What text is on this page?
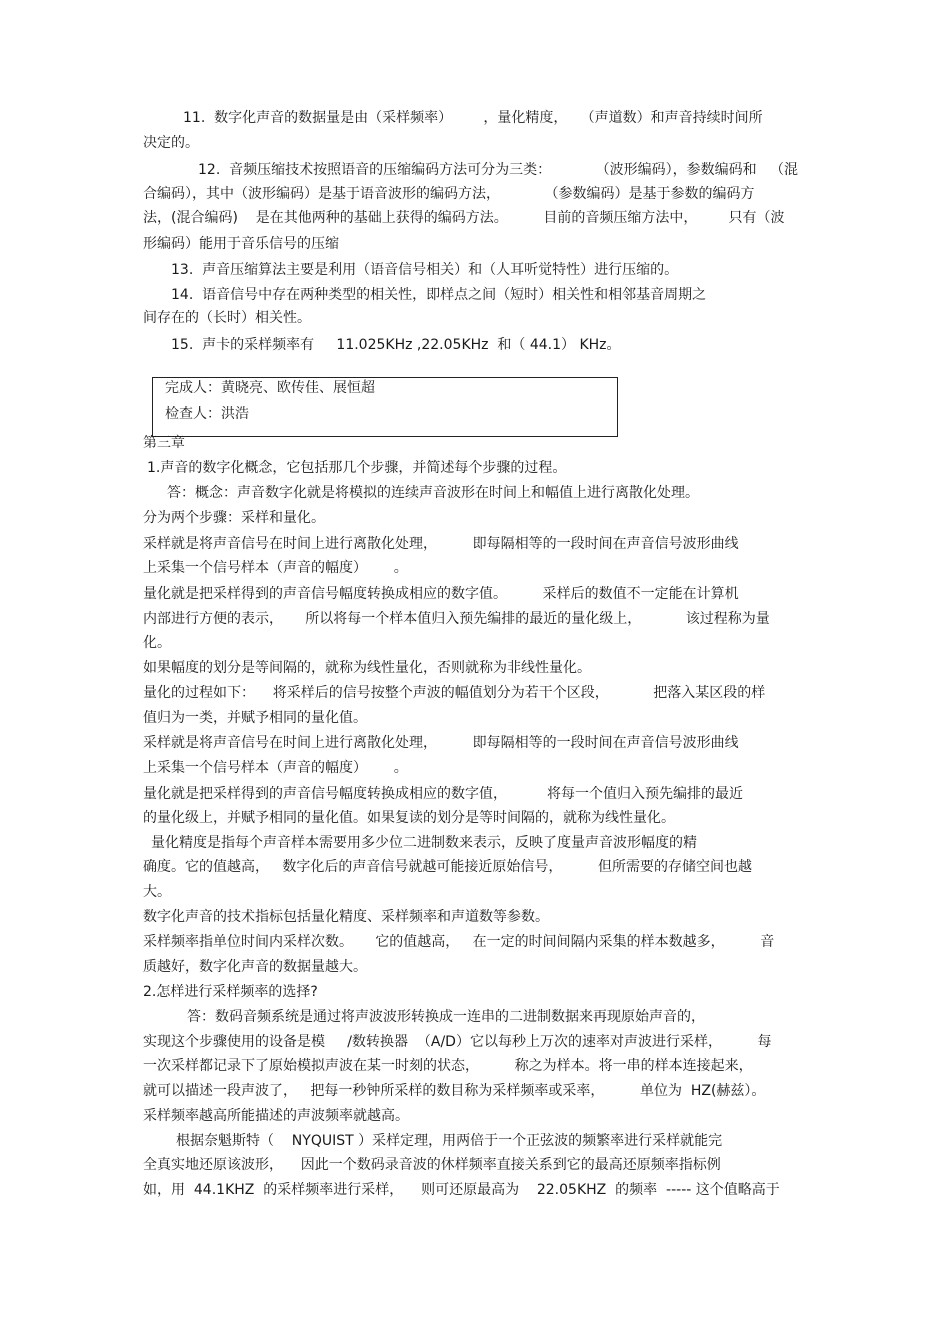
11.  数字化声音的数据量是由（采样频率）       ，量化精度，   （声道数）和声音持续时间所
决定的。
12.  音频压缩技术按照语音的压缩编码方法可分为三类：          （波形编码），参数编码和   （混
合编码），其中（波形编码）是基于语音波形的编码方法，          （参数编码）是基于参数的编码方
法，(混合编码)    是在其他两种的基础上获得的编码方法。        目前的音频压缩方法中，       只有（波
形编码）能用于音乐信号的压缩
13.  声音压缩算法主要是利用（语音信号相关）和（人耳听觉特性）进行压缩的。
14.  语音信号中存在两种类型的相关性，即样点之间（短时）相关性和相邻基音周期之
间存在的（长时）相关性。
15.  声卡的采样频率有     11.025KHz ,22.05KHz  和（ 44.1） KHz。
完成人：黄晓亮、欧传佳、展恒超
检查人：洪浩
第三章
1.声音的数字化概念，它包括那几个步骤，并简述每个步骤的过程。
答：概念：声音数字化就是将模拟的连续声音波形在时间上和幅值上进行离散化处理。
分为两个步骤：采样和量化。
采样就是将声音信号在时间上进行离散化处理，        即每隔相等的一段时间在声音信号波形曲线
上采集一个信号样本（声音的幅度）      。
量化就是把采样得到的声音信号幅度转换成相应的数字值。        采样后的数值不一定能在计算机
内部进行方便的表示，     所以将每一个样本值归入预先编排的最近的量化级上，          该过程称为量
化。
如果幅度的划分是等间隔的，就称为线性量化，否则就称为非线性量化。
量化的过程如下：    将采样后的信号按整个声波的幅值划分为若干个区段，          把落入某区段的样
值归为一类，并赋予相同的量化值。
采样就是将声音信号在时间上进行离散化处理，        即每隔相等的一段时间在声音信号波形曲线
上采集一个信号样本（声音的幅度）      。
量化就是把采样得到的声音信号幅度转换成相应的数字值，         将每一个值归入预先编排的最近
的量化级上，并赋予相同的量化值。如果复读的划分是等时间隔的，就称为线性量化。
量化精度是指每个声音样本需要用多少位二进制数来表示，反映了度量声音波形幅度的精
确度。它的值越高，   数字化后的声音信号就越可能接近原始信号，        但所需要的存储空间也越
大。
数字化声音的技术指标包括量化精度、采样频率和声道数等参数。
采样频率指单位时间内采样次数。     它的值越高，   在一定的时间间隔内采集的样本数越多，        音
质越好，数字化声音的数据量越大。
2.怎样进行采样频率的选择?
答：数码音频系统是通过将声波波形转换成一连串的二进制数据来再现原始声音的，
实现这个步骤使用的设备是模     /数转换器  （A/D）它以每秒上万次的速率对声波进行采样，        每
一次采样都记录下了原始模拟声波在某一时刻的状态，        称之为样本。将一串的样本连接起来，
就可以描述一段声波了，   把每一秒钟所采样的数目称为采样频率或采率，        单位为  HZ(赫兹）。
采样频率越高所能描述的声波频率就越高。
根据奈魁斯特（    NYQUIST ）采样定理，用两倍于一个正弦波的频繁率进行采样就能完
全真实地还原该波形，    因此一个数码录音波的休样频率直接关系到它的最高还原频率指标例
如，用  44.1KHZ  的采样频率进行采样，    则可还原最高为    22.05KHZ  的频率  ----- 这个值略高于
